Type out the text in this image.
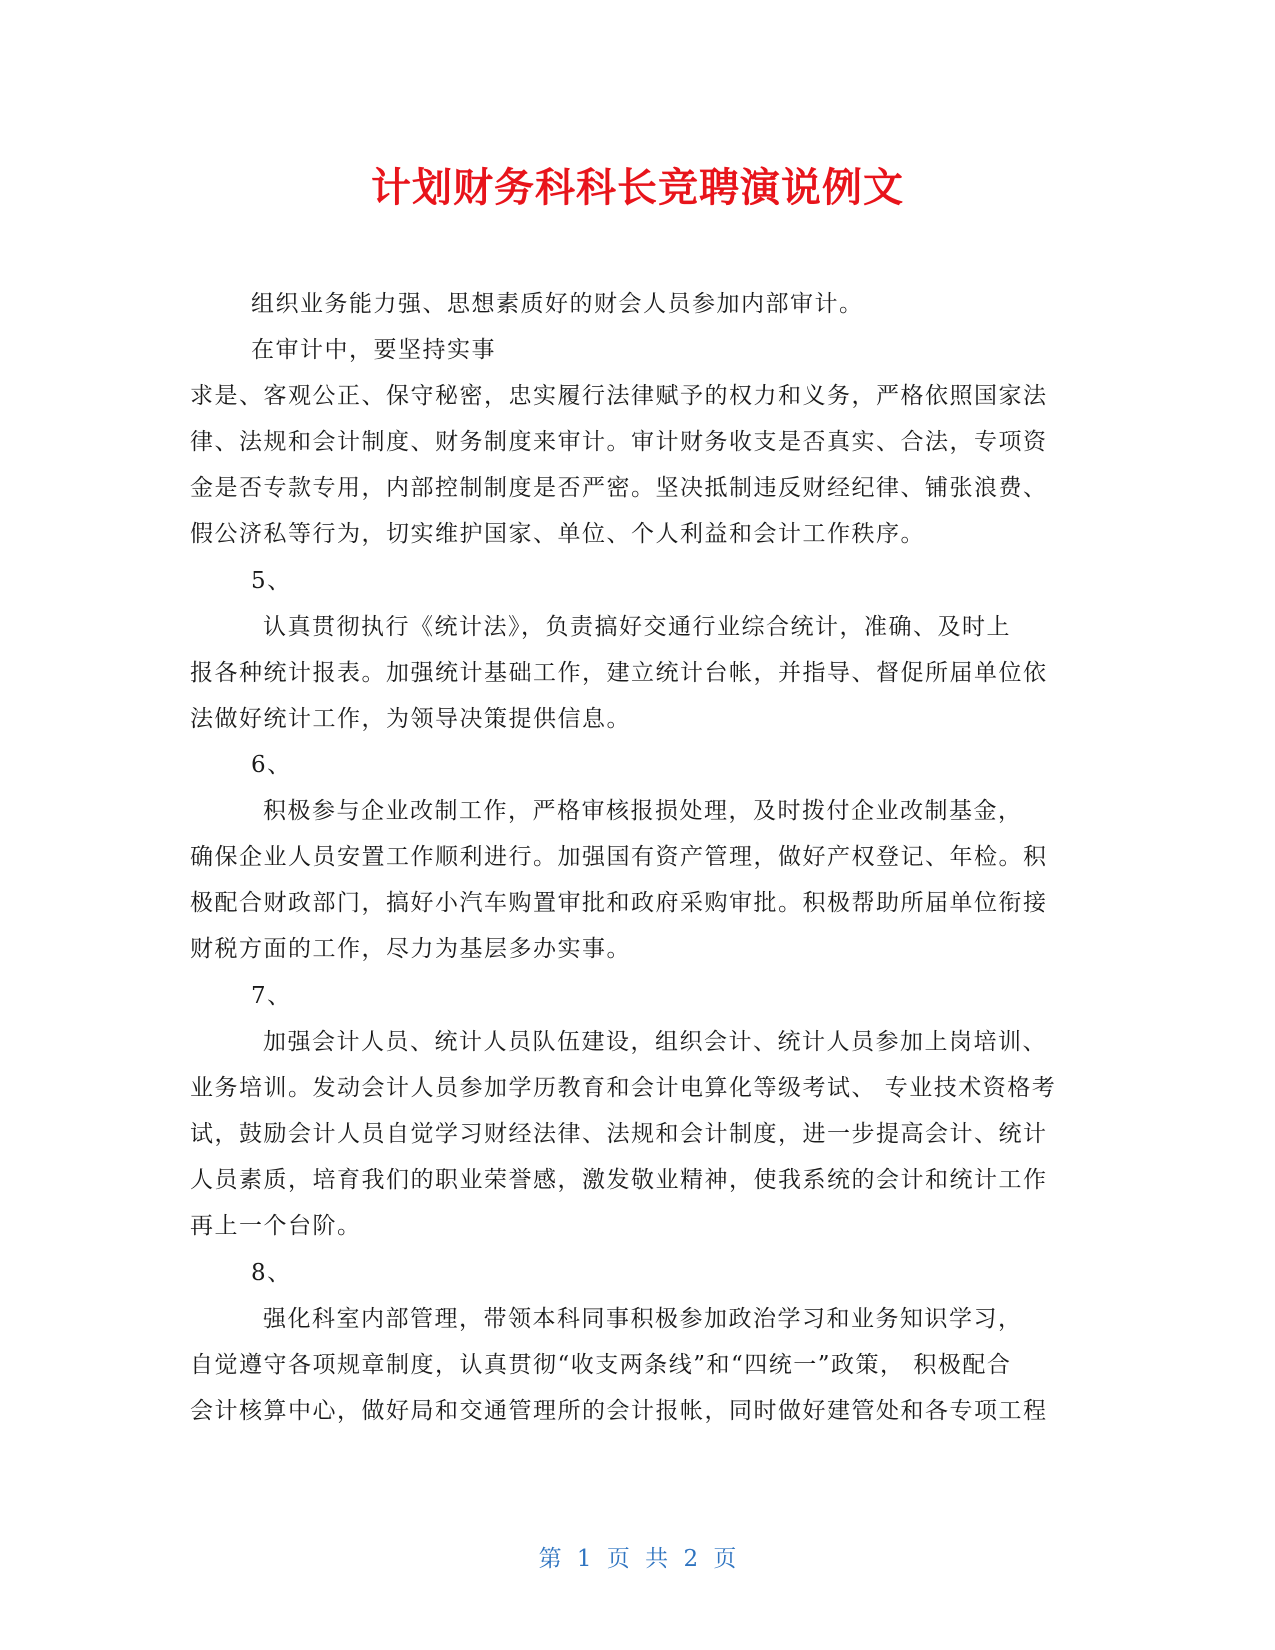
计划财务科科长竞聘演说例文
组织业务能力强、思想素质好的财会人员参加内部审计。
在审计中，要坚持实事
求是、客观公正、保守秘密，忠实履行法律赋予的权力和义务，严格依照国家法
律、法规和会计制度、财务制度来审计。审计财务收支是否真实、合法，专项资
金是否专款专用，内部控制制度是否严密。坚决抵制违反财经纪律、铺张浪费、
假公济私等行为，切实维护国家、单位、个人利益和会计工作秩序。
5、
认真贯彻执行《统计法》，负责搞好交通行业综合统计，准确、及时上
报各种统计报表。加强统计基础工作，建立统计台帐，并指导、督促所届单位依
法做好统计工作，为领导决策提供信息。
6、
积极参与企业改制工作，严格审核报损处理，及时拨付企业改制基金，
确保企业人员安置工作顺利进行。加强国有资产管理，做好产权登记、年检。积
极配合财政部门，搞好小汽车购置审批和政府采购审批。积极帮助所届单位衔接
财税方面的工作，尽力为基层多办实事。
7、
加强会计人员、统计人员队伍建设，组织会计、统计人员参加上岗培训、
业务培训。发动会计人员参加学历教育和会计电算化等级考试、 专业技术资格考
试，鼓励会计人员自觉学习财经法律、法规和会计制度，进一步提高会计、统计
人员素质，培育我们的职业荣誉感，激发敬业精神，使我系统的会计和统计工作
再上一个台阶。
8、
强化科室内部管理，带领本科同事积极参加政治学习和业务知识学习，
自觉遵守各项规章制度，认真贯彻“收支两条线”和“四统一”政策， 积极配合
会计核算中心，做好局和交通管理所的会计报帐，同时做好建管处和各专项工程
第 1 页 共 2 页
